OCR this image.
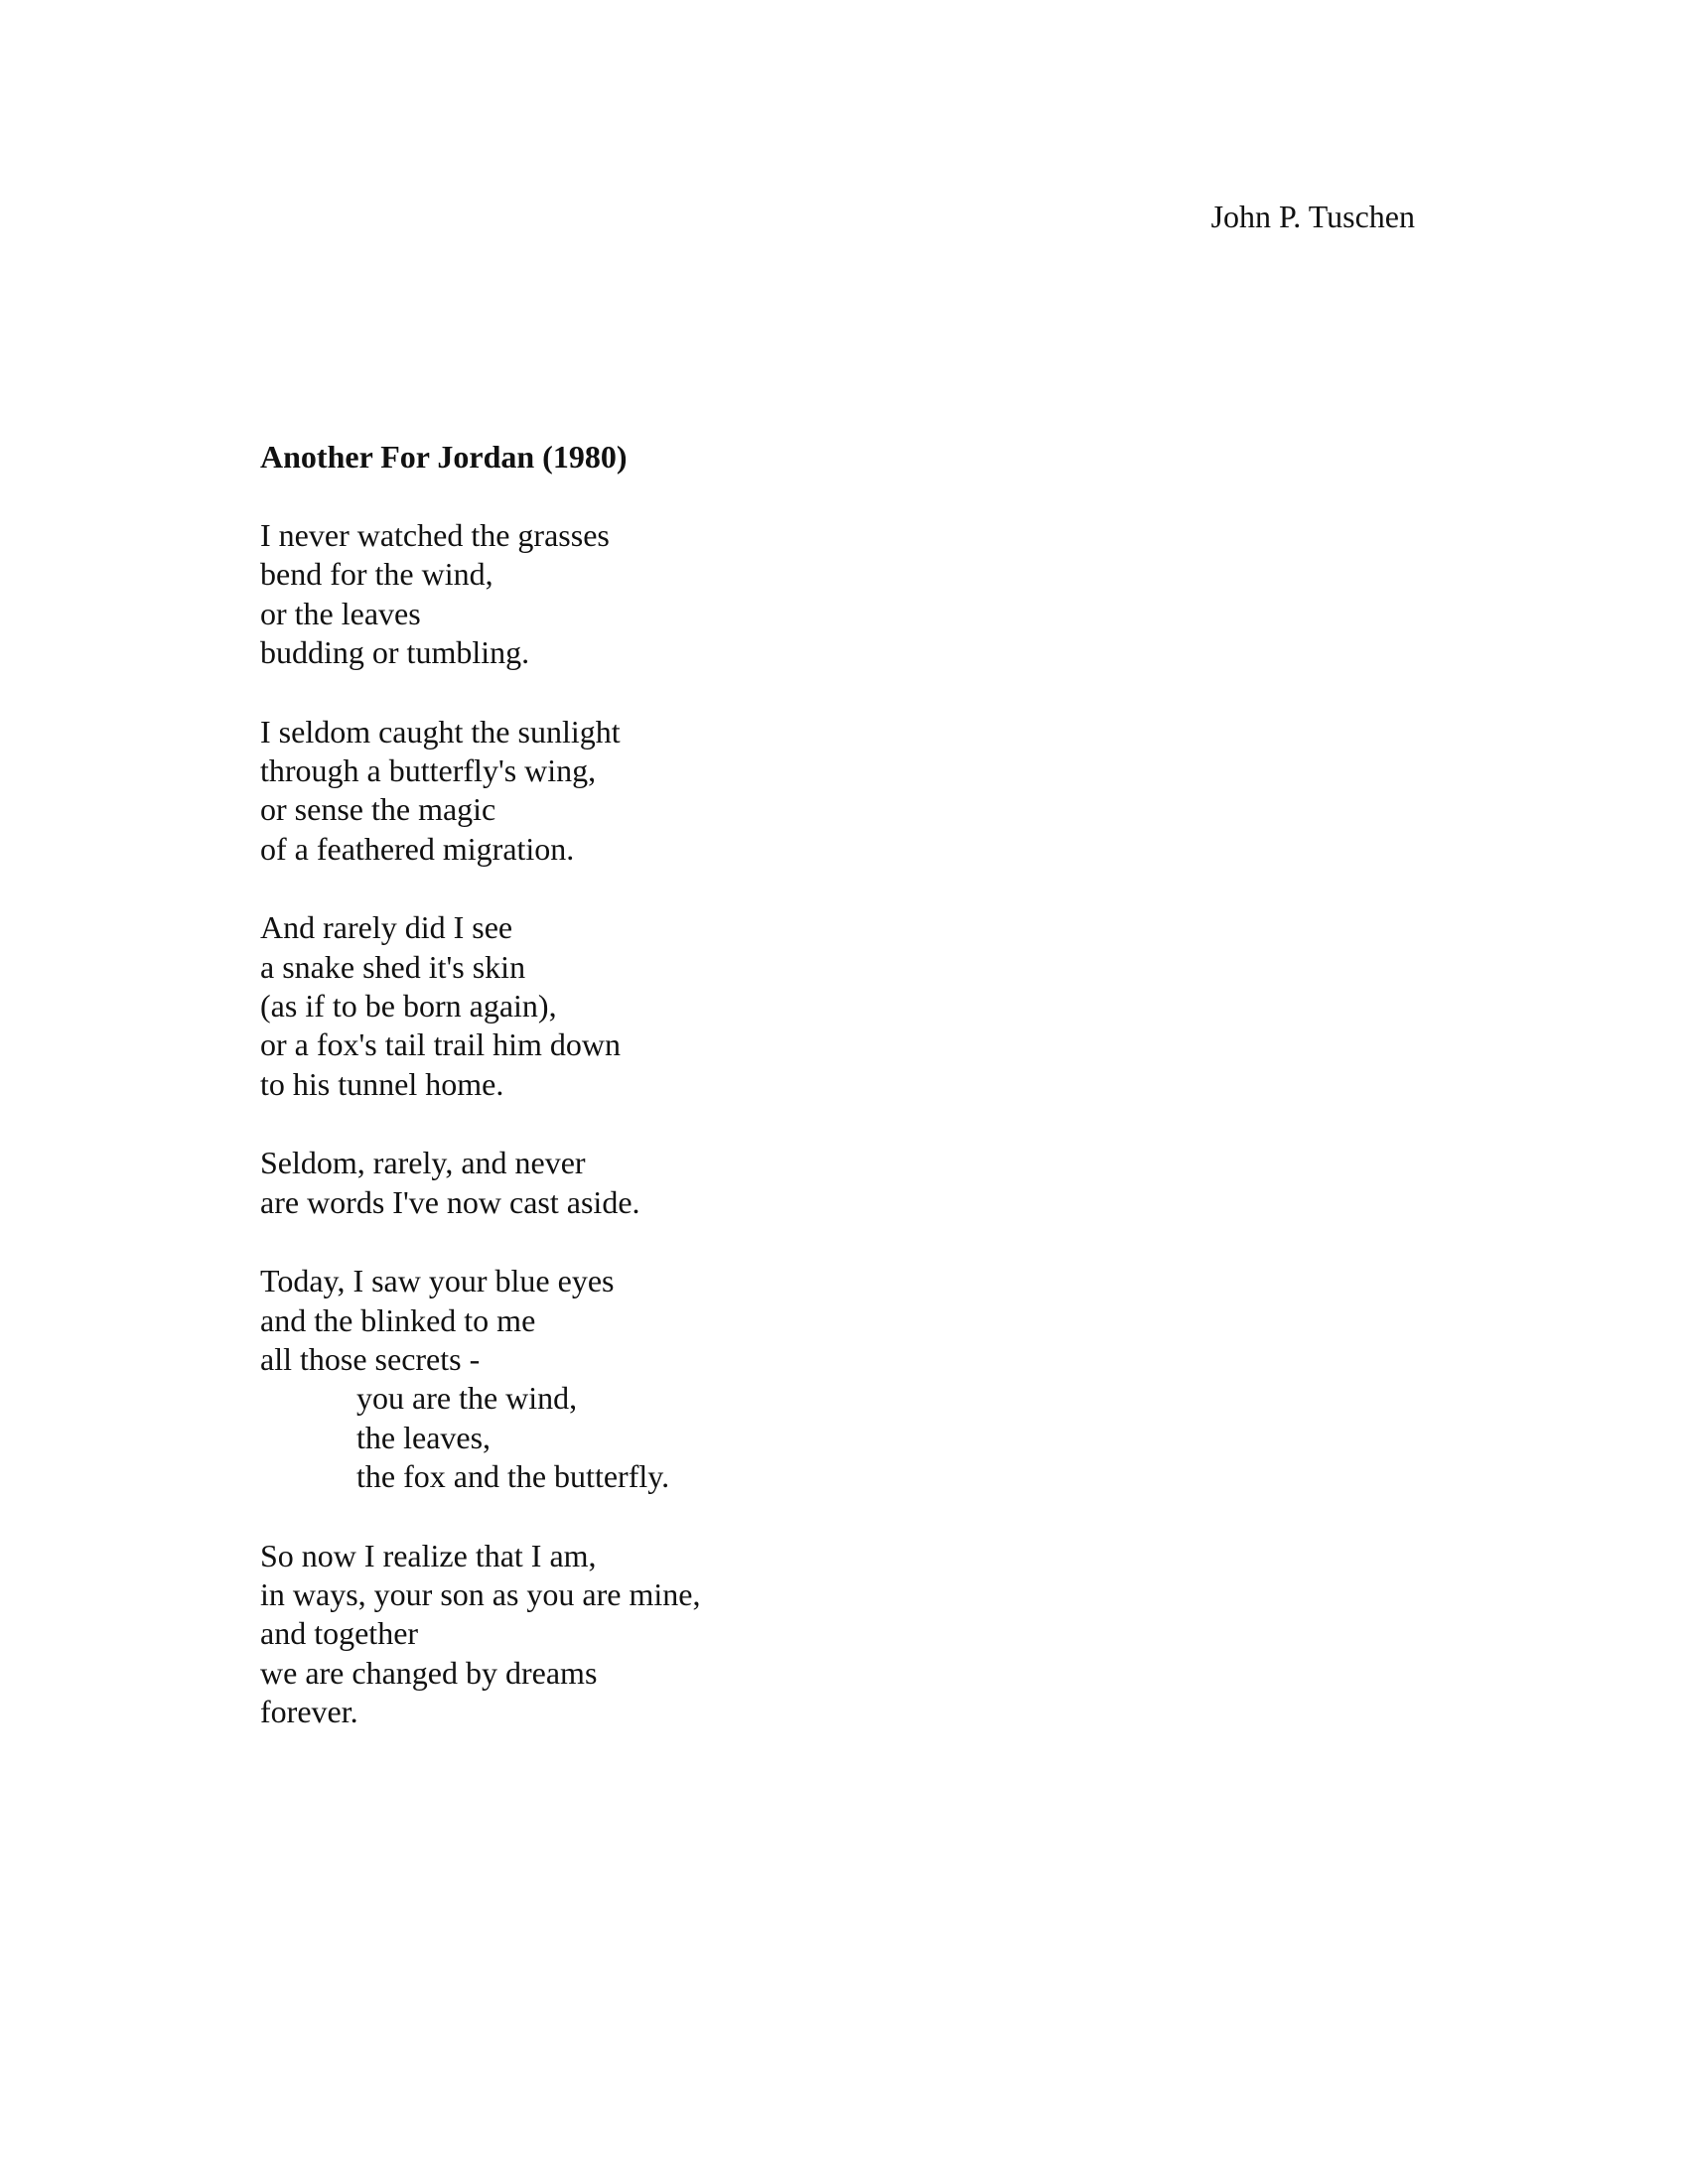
John P. Tuschen
Another For Jordan (1980)
I never watched the grasses
bend for the wind,
or the leaves
budding or tumbling.
I seldom caught the sunlight
through a butterfly's wing,
or sense the magic
of a feathered migration.
And rarely did I see
a snake shed it's skin
(as if to be born again),
or a fox's tail trail him down
to his tunnel home.
Seldom, rarely, and never
are words I've now cast aside.
Today, I saw your blue eyes
and the blinked to me
all those secrets -
you are the wind,
the leaves,
the fox and the butterfly.
So now I realize that I am,
in ways, your son as you are mine,
and together
we are changed by dreams
forever.
